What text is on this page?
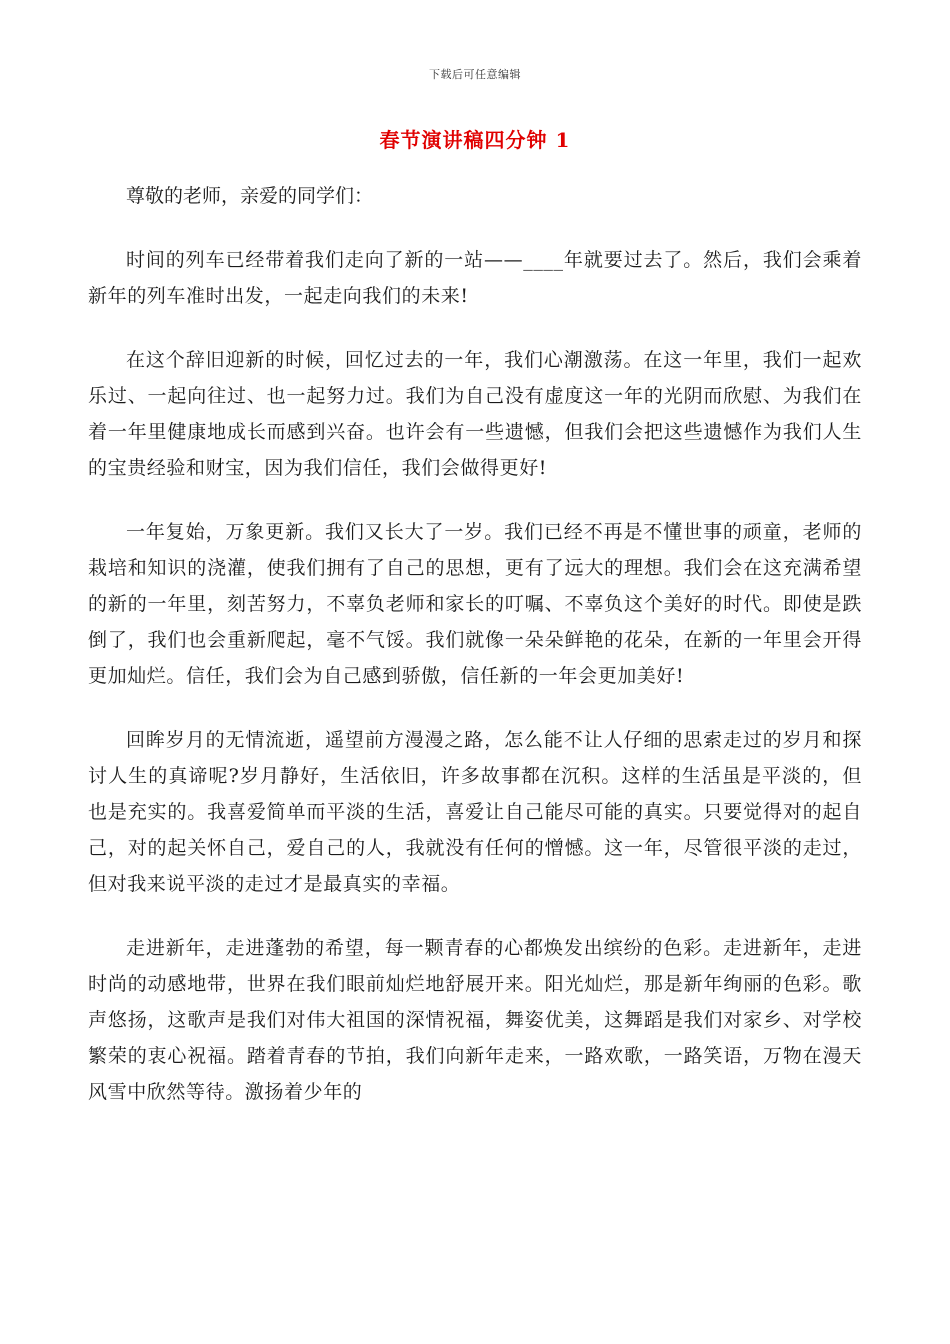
下载后可任意编辑
春节演讲稿四分钟 1

尊敬的老师，亲爱的同学们：

时间的列车已经带着我们走向了新的一站——____年就要过去了。然后，我们会乘着新年的列车准时出发，一起走向我们的未来!

在这个辞旧迎新的时候，回忆过去的一年，我们心潮激荡。在这一年里，我们一起欢乐过、一起向往过、也一起努力过。我们为自己没有虚度这一年的光阴而欣慰、为我们在着一年里健康地成长而感到兴奋。也许会有一些遗憾，但我们会把这些遗憾作为我们人生的宝贵经验和财宝，因为我们信任，我们会做得更好!

一年复始，万象更新。我们又长大了一岁。我们已经不再是不懂世事的顽童，老师的栽培和知识的浇灌，使我们拥有了自己的思想，更有了远大的理想。我们会在这充满希望的新的一年里，刻苦努力，不辜负老师和家长的叮嘱、不辜负这个美好的时代。即使是跌倒了，我们也会重新爬起，毫不气馁。我们就像一朵朵鲜艳的花朵，在新的一年里会开得更加灿烂。信任，我们会为自己感到骄傲，信任新的一年会更加美好!

回眸岁月的无情流逝，遥望前方漫漫之路，怎么能不让人仔细的思索走过的岁月和探讨人生的真谛呢?岁月静好，生活依旧，许多故事都在沉积。这样的生活虽是平淡的，但也是充实的。我喜爱简单而平淡的生活，喜爱让自己能尽可能的真实。只要觉得对的起自己，对的起关怀自己，爱自己的人，我就没有任何的憎憾。这一年，尽管很平淡的走过，但对我来说平淡的走过才是最真实的幸福。

走进新年，走进蓬勃的希望，每一颗青春的心都焕发出缤纷的色彩。走进新年，走进时尚的动感地带，世界在我们眼前灿烂地舒展开来。阳光灿烂，那是新年绚丽的色彩。歌声悠扬，这歌声是我们对伟大祖国的深情祝福，舞姿优美，这舞蹈是我们对家乡、对学校繁荣的衷心祝福。踏着青春的节拍，我们向新年走来，一路欢歌，一路笑语，万物在漫天风雪中欣然等待。激扬着少年的
